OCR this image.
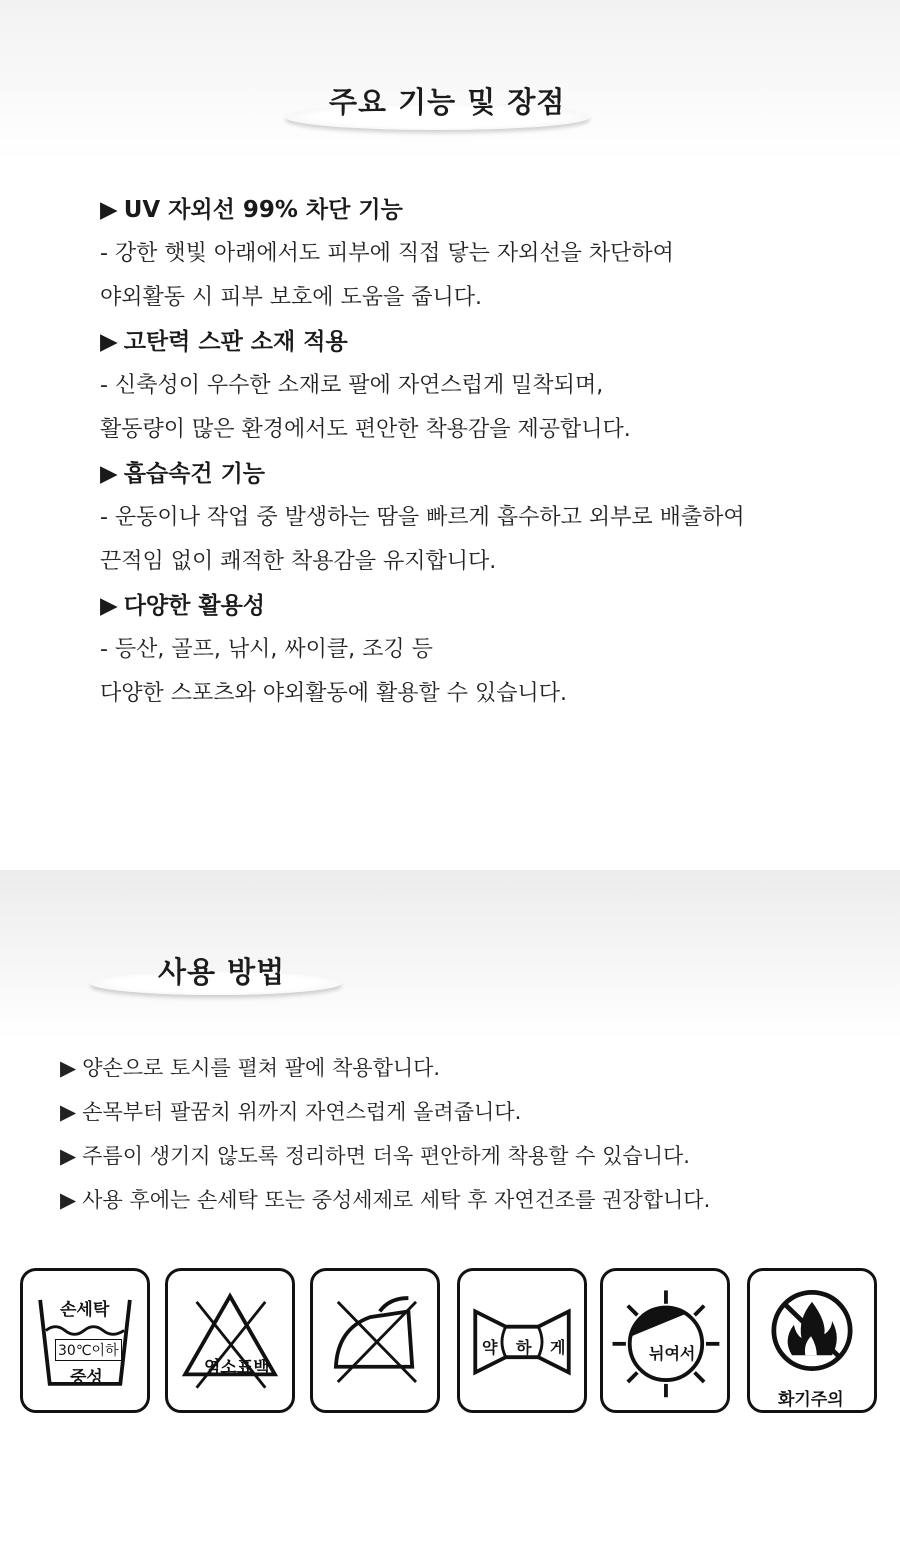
주요 기능 및 장점
▶ UV 자외선 99% 차단 기능
- 강한 햇빛 아래에서도 피부에 직접 닿는 자외선을 차단하여
야외활동 시 피부 보호에 도움을 줍니다.
▶ 고탄력 스판 소재 적용
- 신축성이 우수한 소재로 팔에 자연스럽게 밀착되며,
활동량이 많은 환경에서도 편안한 착용감을 제공합니다.
▶ 흡습속건 기능
- 운동이나 작업 중 발생하는 땀을 빠르게 흡수하고 외부로 배출하여
끈적임 없이 쾌적한 착용감을 유지합니다.
▶ 다양한 활용성
- 등산, 골프, 낚시, 싸이클, 조깅 등
다양한 스포츠와 야외활동에 활용할 수 있습니다.
사용 방법
▶ 양손으로 토시를 펼쳐 팔에 착용합니다.
▶ 손목부터 팔꿈치 위까지 자연스럽게 올려줍니다.
▶ 주름이 생기지 않도록 정리하면 더욱 편안하게 착용할 수 있습니다.
▶ 사용 후에는 손세탁 또는 중성세제로 세탁 후 자연건조를 권장합니다.
손세탁
30℃이하
중성	염소표백
약 하 게	뉘여서
화기주의
